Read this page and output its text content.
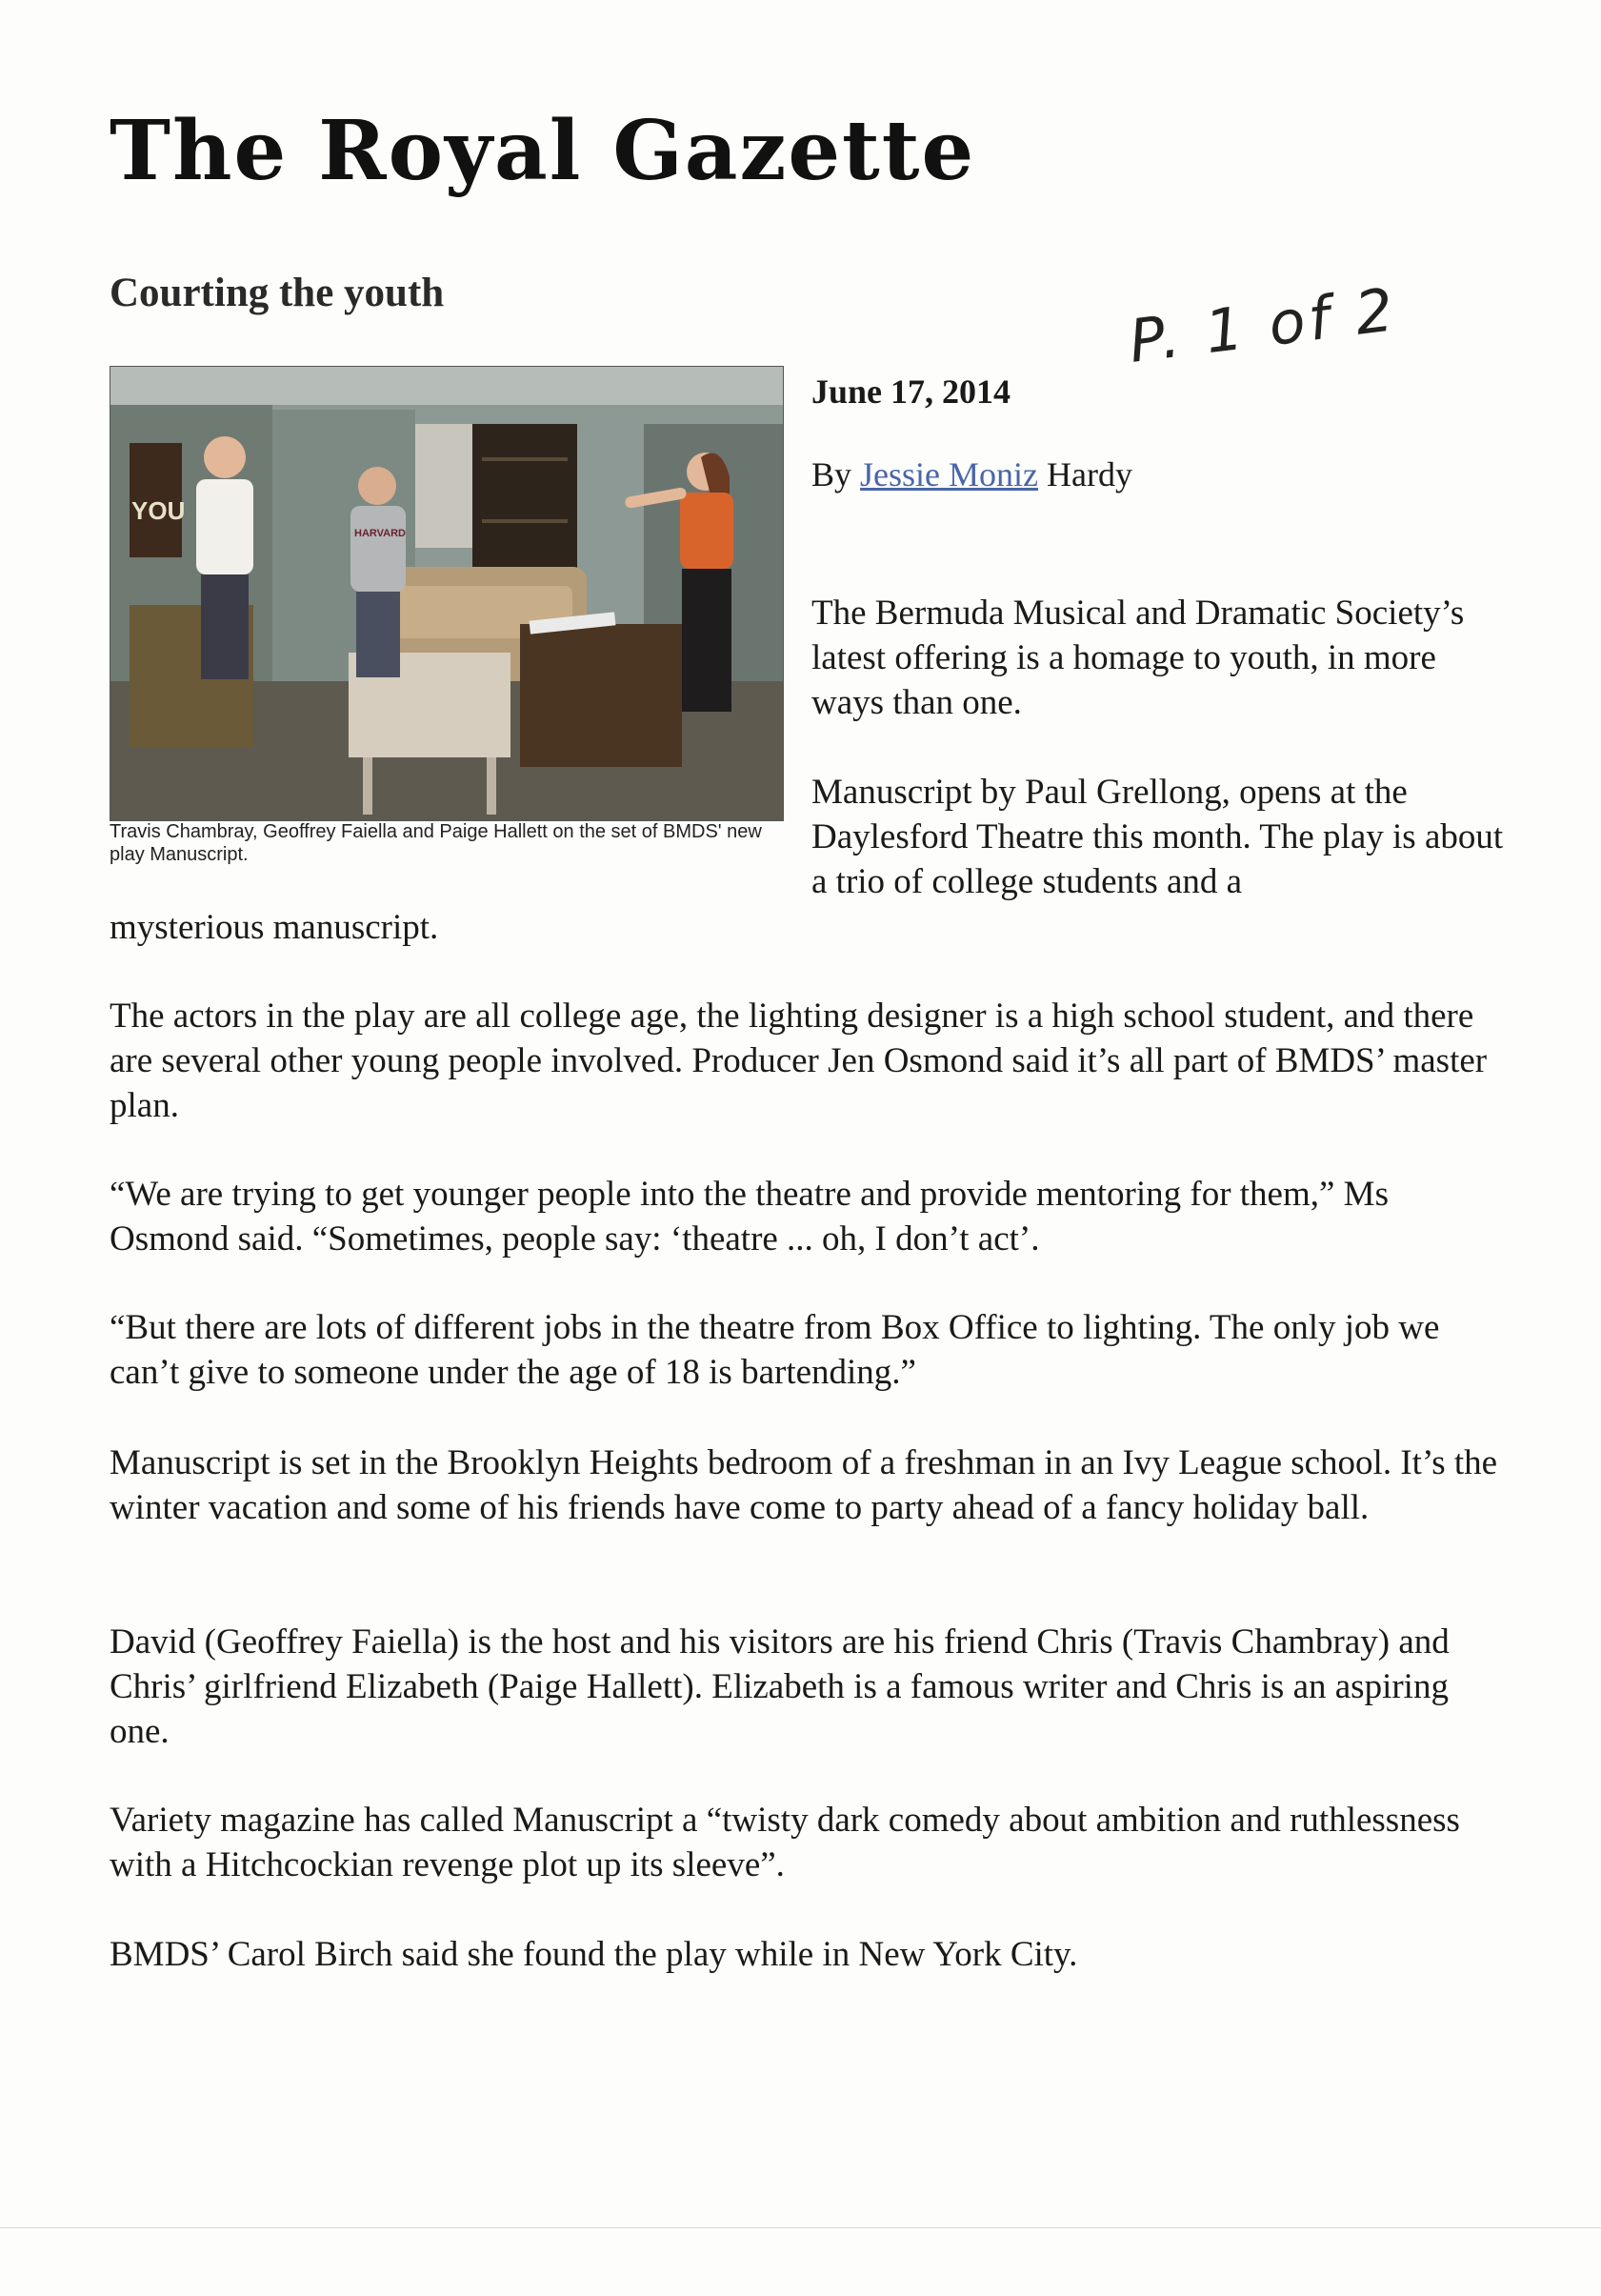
The Royal Gazette
Courting the youth	P. 1 of 2
YOU
HARVARD
Travis Chambray, Geoffrey Faiella and Paige Hallett on the set of BMDS' new play Manuscript.
June 17, 2014
By Jessie Moniz Hardy

The Bermuda Musical and Dramatic Society’s latest offering is a homage to youth, in more ways than one.

Manuscript by Paul Grellong, opens at the Daylesford Theatre this month. The play is about a trio of college students and a

mysterious manuscript.

The actors in the play are all college age, the lighting designer is a high school student, and there are several other young people involved. Producer Jen Osmond said it’s all part of BMDS’ master plan.

“We are trying to get younger people into the theatre and provide mentoring for them,” Ms Osmond said. “Sometimes, people say: ‘theatre ... oh, I don’t act’.

“But there are lots of different jobs in the theatre from Box Office to lighting. The only job we can’t give to someone under the age of 18 is bartending.”

Manuscript is set in the Brooklyn Heights bedroom of a freshman in an Ivy League school. It’s the winter vacation and some of his friends have come to party ahead of a fancy holiday ball.

David (Geoffrey Faiella) is the host and his visitors are his friend Chris (Travis Chambray) and Chris’ girlfriend Elizabeth (Paige Hallett). Elizabeth is a famous writer and Chris is an aspiring one.

Variety magazine has called Manuscript a “twisty dark comedy about ambition and ruthlessness with a Hitchcockian revenge plot up its sleeve”.

BMDS’ Carol Birch said she found the play while in New York City.
